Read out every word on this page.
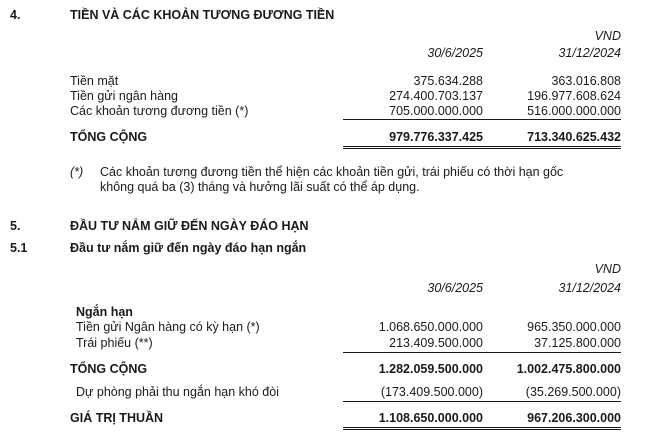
4.	TIỀN VÀ CÁC KHOẢN TƯƠNG ĐƯƠNG TIỀN
VND
30/6/2025	31/12/2024
Tiền mặt	375.634.288	363.016.808
Tiền gửi ngân hàng	274.400.703.137	196.977.608.624
Các khoản tương đương tiền (*)	705.000.000.000	516.000.000.000
TỔNG CỘNG	979.776.337.425	713.340.625.432
(*) Các khoản tương đương tiền thể hiện các khoản tiền gửi, trái phiếu có thời hạn gốc
không quá ba (3) tháng và hưởng lãi suất có thể áp dụng.
5.	ĐẦU TƯ NẮM GIỮ ĐẾN NGÀY ĐÁO HẠN
5.1	Đầu tư nắm giữ đến ngày đáo hạn ngắn
VND
30/6/2025	31/12/2024
Ngắn hạn
Tiền gửi Ngân hàng có kỳ hạn (*)	1.068.650.000.000	965.350.000.000
Trái phiếu (**)	213.409.500.000	37.125.800.000
TỔNG CỘNG	1.282.059.500.000	1.002.475.800.000
Dự phòng phải thu ngắn hạn khó đòi	(173.409.500.000)	(35.269.500.000)
GIÁ TRỊ THUẦN	1.108.650.000.000	967.206.300.000
